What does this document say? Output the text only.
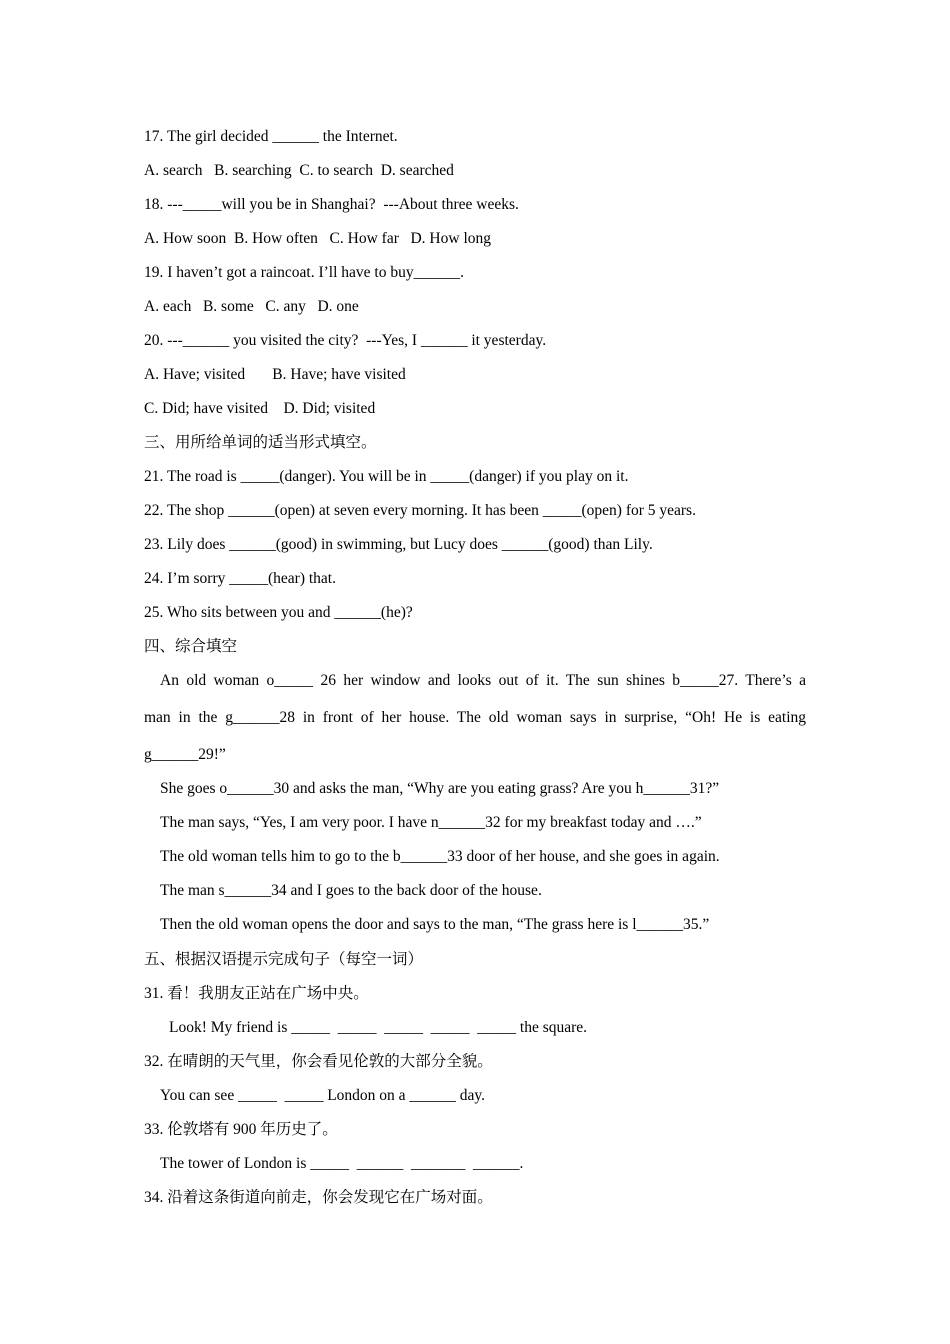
17. The girl decided ______ the Internet.
A. search   B. searching  C. to search  D. searched
18. ---_____will you be in Shanghai?  ---About three weeks.
A. How soon  B. How often   C. How far   D. How long
19. I haven’t got a raincoat. I’ll have to buy______.
A. each   B. some   C. any   D. one
20. ---______ you visited the city?  ---Yes, I ______ it yesterday.
A. Have; visited       B. Have; have visited
C. Did; have visited    D. Did; visited
三、用所给单词的适当形式填空。
21. The road is _____(danger). You will be in _____(danger) if you play on it.
22. The shop ______(open) at seven every morning. It has been _____(open) for 5 years.
23. Lily does ______(good) in swimming, but Lucy does ______(good) than Lily.
24. I’m sorry _____(hear) that.
25. Who sits between you and ______(he)?
四、综合填空
An old woman o_____ 26 her window and looks out of it. The sun shines b_____27. There’s a
man in the g______28 in front of her house. The old woman says in surprise, “Oh! He is eating
g______29!”
She goes o______30 and asks the man, “Why are you eating grass? Are you h______31?”
The man says, “Yes, I am very poor. I have n______32 for my breakfast today and ….”
The old woman tells him to go to the b______33 door of her house, and she goes in again.
The man s______34 and I goes to the back door of the house.
Then the old woman opens the door and says to the man, “The grass here is l______35.”
五、根据汉语提示完成句子（每空一词）
31. 看！我朋友正站在广场中央。
Look! My friend is _____  _____  _____  _____  _____ the square.
32. 在晴朗的天气里，你会看见伦敦的大部分全貌。
You can see _____  _____ London on a ______ day.
33. 伦敦塔有 900 年历史了。
The tower of London is _____  ______  _______  ______.
34. 沿着这条街道向前走，你会发现它在广场对面。
